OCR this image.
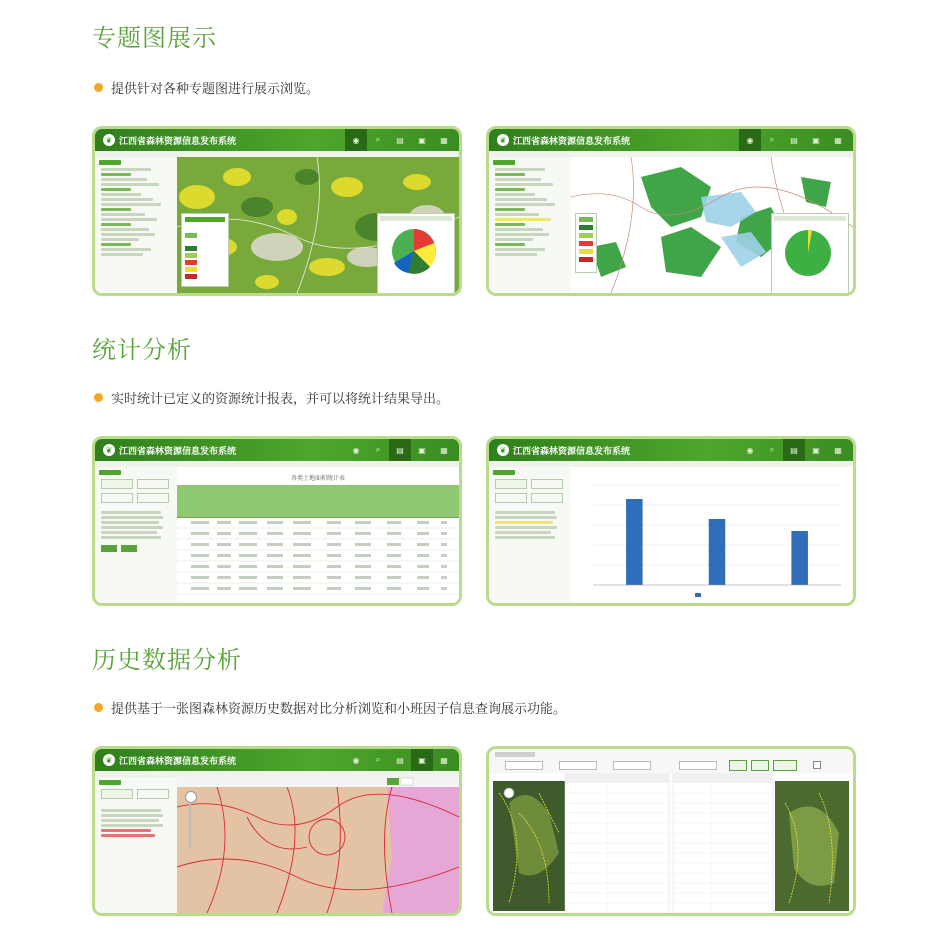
专题图展示
提供针对各种专题图进行展示浏览。
❦ 江西省森林资源信息发布系统	◉	⌕	▤	▣	▦	❦ 江西省森林资源信息发布系统	◉	⌕	▤	▣	▦
统计分析
实时统计已定义的资源统计报表，并可以将统计结果导出。
❦ 江西省森林资源信息发布系统	◉	⌕	▤	▣	▦
各类土地面积统计表
❦ 江西省森林资源信息发布系统	◉	⌕	▤	▣	▦
历史数据分析
提供基于一张图森林资源历史数据对比分析浏览和小班因子信息查询展示功能。
❦ 江西省森林资源信息发布系统	◉	⌕	▤	▣	▦
